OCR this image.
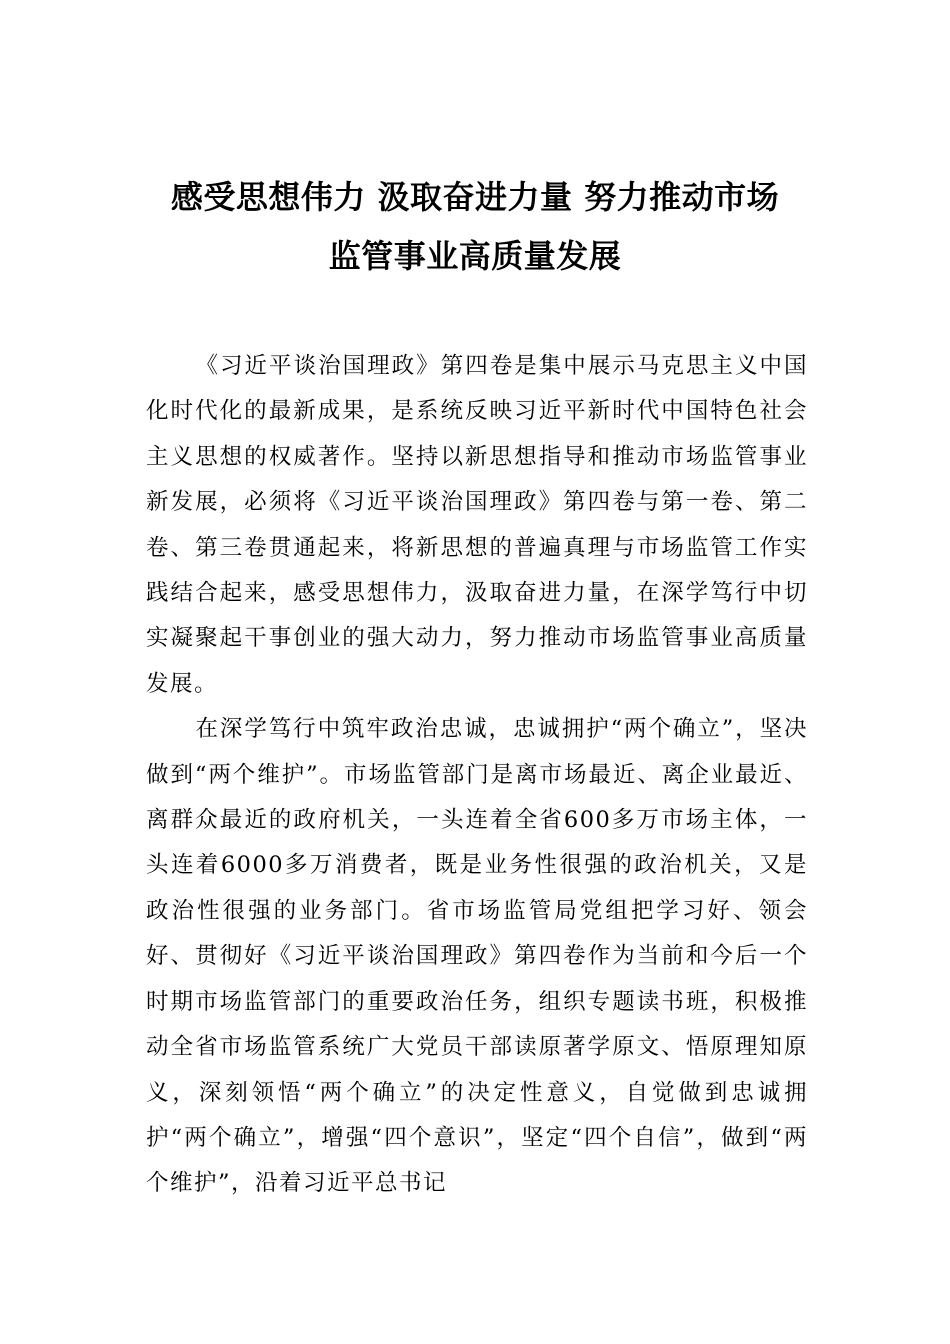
感受思想伟力 汲取奋进力量 努力推动市场
监管事业高质量发展

《习近平谈治国理政》第四卷是集中展示马克思主义中国化时代化的最新成果，是系统反映习近平新时代中国特色社会主义思想的权威著作。坚持以新思想指导和推动市场监管事业新发展，必须将《习近平谈治国理政》第四卷与第一卷、第二卷、第三卷贯通起来，将新思想的普遍真理与市场监管工作实践结合起来，感受思想伟力，汲取奋进力量，在深学笃行中切实凝聚起干事创业的强大动力，努力推动市场监管事业高质量发展。

在深学笃行中筑牢政治忠诚，忠诚拥护“两个确立”，坚决做到“两个维护”。市场监管部门是离市场最近、离企业最近、离群众最近的政府机关，一头连着全省600多万市场主体，一头连着6000多万消费者，既是业务性很强的政治机关，又是政治性很强的业务部门。省市场监管局党组把学习好、领会好、贯彻好《习近平谈治国理政》第四卷作为当前和今后一个时期市场监管部门的重要政治任务，组织专题读书班，积极推动全省市场监管系统广大党员干部读原著学原文、悟原理知原义，深刻领悟“两个确立”的决定性意义，自觉做到忠诚拥护“两个确立”，增强“四个意识”，坚定“四个自信”，做到“两个维护”，沿着习近平总书记
